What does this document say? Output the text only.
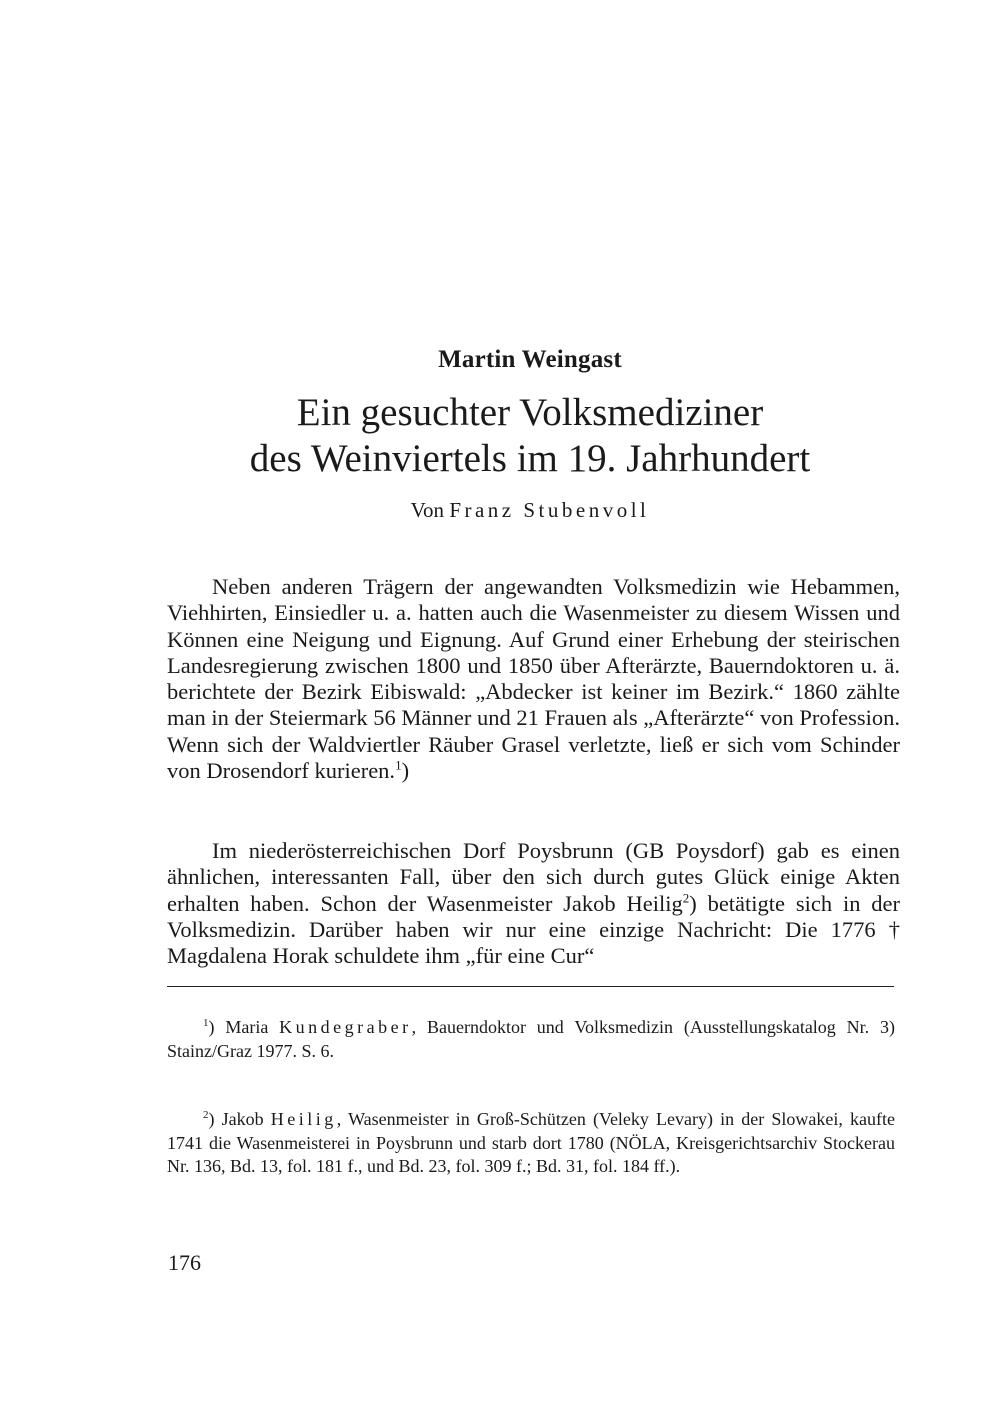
Martin Weingast
Ein gesuchter Volksmediziner
des Weinviertels im 19. Jahrhundert
Von Franz Stubenvoll

Neben anderen Trägern der angewandten Volksmedizin wie Hebammen, Viehhirten, Einsiedler u. a. hatten auch die Wasenmeister zu diesem Wissen und Können eine Neigung und Eignung. Auf Grund einer Erhebung der steirischen Landesregierung zwischen 1800 und 1850 über Afterärzte, Bauerndoktoren u. ä. berichtete der Bezirk Eibiswald: „Abdecker ist keiner im Bezirk.“ 1860 zählte man in der Steiermark 56 Männer und 21 Frauen als „Afterärzte“ von Profession. Wenn sich der Waldviertler Räuber Grasel verletzte, ließ er sich vom Schinder von Drosendorf kurieren.$^1$)

Im niederösterreichischen Dorf Poysbrunn (GB Poysdorf) gab es einen ähnlichen, interessanten Fall, über den sich durch gutes Glück einige Akten erhalten haben. Schon der Wasenmeister Jakob Heilig$^2$) betätigte sich in der Volksmedizin. Darüber haben wir nur eine einzige Nachricht: Die 1776 † Magdalena Horak schuldete ihm „für eine Cur“

$^1$) Maria Kundegraber, Bauerndoktor und Volksmedizin (Ausstellungskatalog Nr. 3) Stainz/Graz 1977. S. 6.

$^2$) Jakob Heilig, Wasenmeister in Groß-Schützen (Veleky Levary) in der Slowakei, kaufte 1741 die Wasenmeisterei in Poysbrunn und starb dort 1780 (NÖLA, Kreisgerichtsarchiv Stockerau Nr. 136, Bd. 13, fol. 181 f., und Bd. 23, fol. 309 f.; Bd. 31, fol. 184 ff.).

176
